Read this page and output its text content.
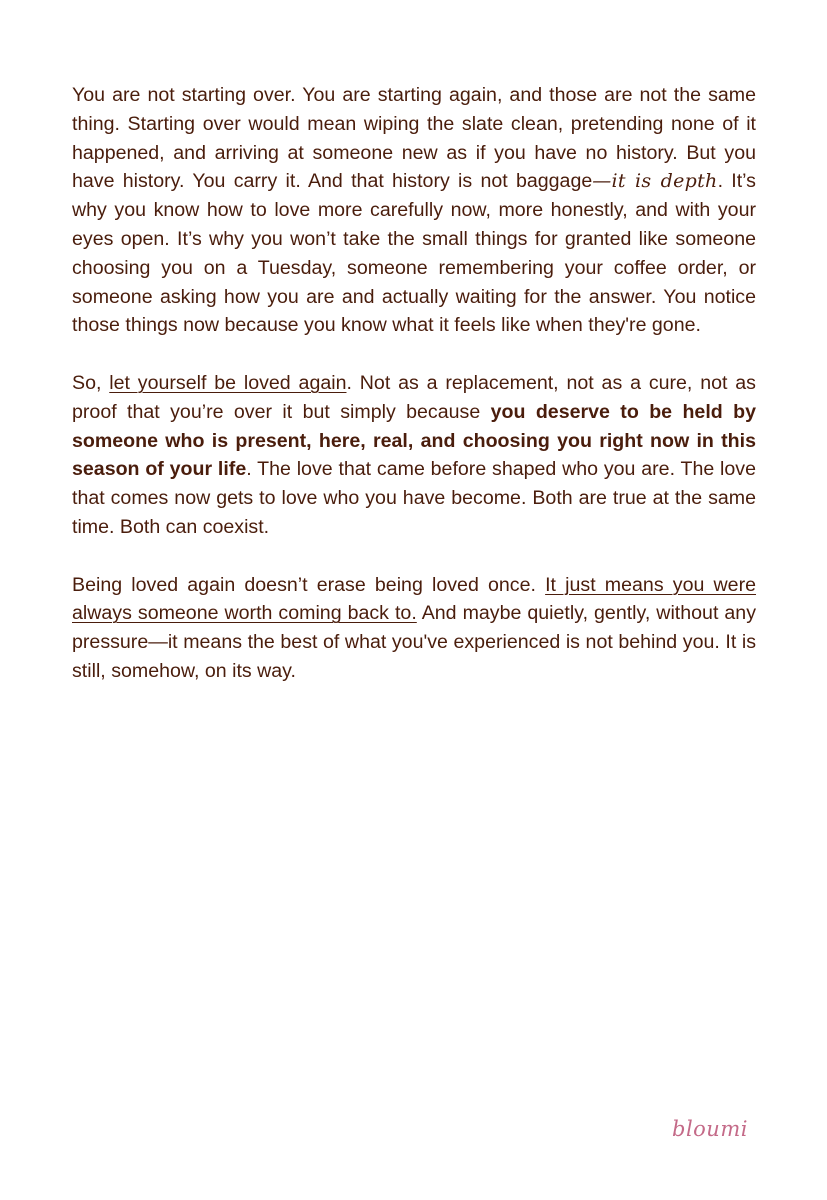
You are not starting over. You are starting again, and those are not the same thing. Starting over would mean wiping the slate clean, pretending none of it happened, and arriving at someone new as if you have no history. But you have history. You carry it. And that history is not baggage—it is depth. It’s why you know how to love more carefully now, more honestly, and with your eyes open. It’s why you won’t take the small things for granted like someone choosing you on a Tuesday, someone remembering your coffee order, or someone asking how you are and actually waiting for the answer. You notice those things now because you know what it feels like when they're gone.

So, let yourself be loved again. Not as a replacement, not as a cure, not as proof that you’re over it but simply because you deserve to be held by someone who is present, here, real, and choosing you right now in this season of your life. The love that came before shaped who you are. The love that comes now gets to love who you have become. Both are true at the same time. Both can coexist.

Being loved again doesn’t erase being loved once. It just means you were always someone worth coming back to. And maybe quietly, gently, without any pressure—it means the best of what you've experienced is not behind you. It is still, somehow, on its way.

bloumi
